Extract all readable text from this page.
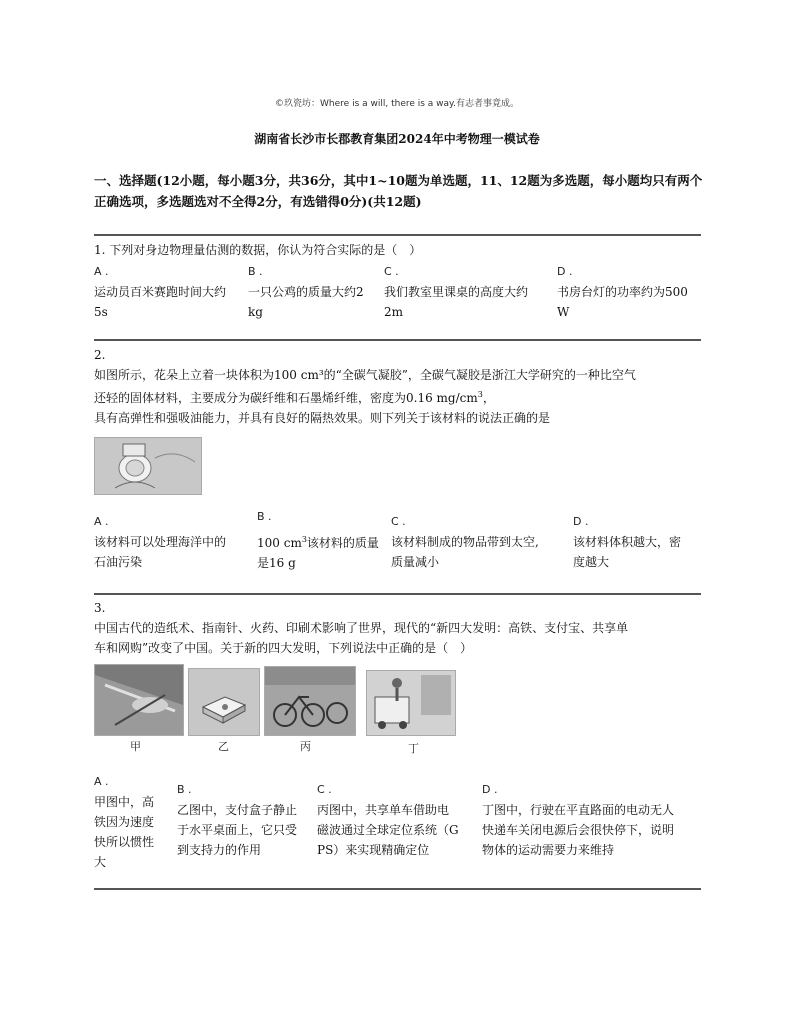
©玖瓷坊：Where is a will, there is a way.有志者事竟成。
湖南省长沙市长郡教育集团2024年中考物理一模试卷
一、选择题(12小题，每小题3分，共36分，其中1~10题为单选题，11、12题为多选题，每小题均只有两个正确选项，多选题选对不全得2分，有选错得0分)(共12题)
1. 下列对身边物理量估测的数据，你认为符合实际的是（　）
A .
运动员百米赛跑时间大约
5s
B .
一只公鸡的质量大约2
kg
C .
我们教室里课桌的高度大约
2m
D .
书房台灯的功率约为500
W
2.
如图所示，花朵上立着一块体积为100 cm³的“全碳气凝胶”，全碳气凝胶是浙江大学研究的一种比空气
还轻的固体材料，主要成分为碳纤维和石墨烯纤维，密度为0.16 $mg/cm^3$，
具有高弹性和强吸油能力，并具有良好的隔热效果。则下列关于该材料的说法正确的是
A .
该材料可以处理海洋中的
石油污染
B .
100 $cm^3$该材料的质量
是16 g
C .
该材料制成的物品带到太空,
质量减小
D .
该材料体积越大，密
度越大
3.
中国古代的造纸术、指南针、火药、印刷术影响了世界，现代的“新四大发明：高铁、支付宝、共享单
车和网购”改变了中国。关于新的四大发明，下列说法中正确的是（　）
甲	乙	丙	丁
A .
甲图中，高
铁因为速度
快所以惯性
大
B .
乙图中，支付盒子静止
于水平桌面上，它只受
到支持力的作用
C .
丙图中，共享单车借助电
磁波通过全球定位系统（G
PS）来实现精确定位
D .
丁图中，行驶在平直路面的电动无人
快递车关闭电源后会很快停下，说明
物体的运动需要力来维持
